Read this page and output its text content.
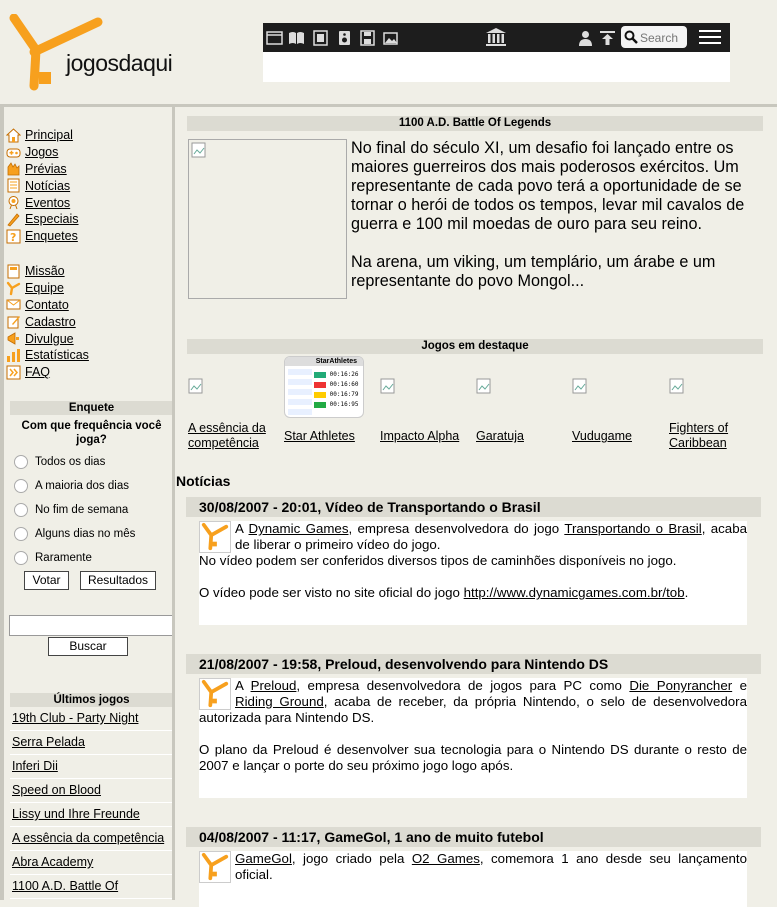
jogosdaqui
Search
Principal
Jogos
Prévias
Notícias
Eventos
Especiais
? Enquetes
Missão
Equipe
Contato
Cadastro
Divulgue
Estatísticas
FAQ
Enquete
Com que frequência você joga?
Todos os dias
A maioria dos dias
No fim de semana
Alguns dias no mês
Raramente
Votar	Resultados
Buscar
Últimos jogos
19th Club - Party Night
Serra Pelada
Inferi Dii
Speed on Blood
Lissy und Ihre Freunde
A essência da competência
Abra Academy
1100 A.D. Battle Of
1100 A.D. Battle Of Legends

No final do século XI, um desafio foi lançado entre os maiores guerreiros dos mais poderosos exércitos. Um representante de cada povo terá a oportunidade de se tornar o herói de todos os tempos, levar mil cavalos de guerra e 100 mil moedas de ouro para seu reino.

Na arena, um viking, um templário, um árabe e um representante do povo Mongol...

Jogos em destaque
A essência da competência
StarAthletes
00:16:26
00:16:60
00:16:79
00:16:95
Star Athletes Impacto Alpha Garatuja	Vudugame
Fighters of Caribbean
Notícias
30/08/2007 - 20:01, Vídeo de Transportando o Brasil

A Dynamic Games, empresa desenvolvedora do jogo Transportando o Brasil, acaba de liberar o primeiro vídeo do jogo.

No vídeo podem ser conferidos diversos tipos de caminhões disponíveis no jogo.

O vídeo pode ser visto no site oficial do jogo http://www.dynamicgames.com.br/tob.

21/08/2007 - 19:58, Preloud, desenvolvendo para Nintendo DS

A Preloud, empresa desenvolvedora de jogos para PC como Die Ponyrancher e Riding Ground, acaba de receber, da própria Nintendo, o selo de desenvolvedora autorizada para Nintendo DS.

O plano da Preloud é desenvolver sua tecnologia para o Nintendo DS durante o resto de 2007 e lançar o porte do seu próximo jogo logo após.

04/08/2007 - 11:17, GameGol, 1 ano de muito futebol

GameGol, jogo criado pela O2 Games, comemora 1 ano desde seu lançamento oficial.
